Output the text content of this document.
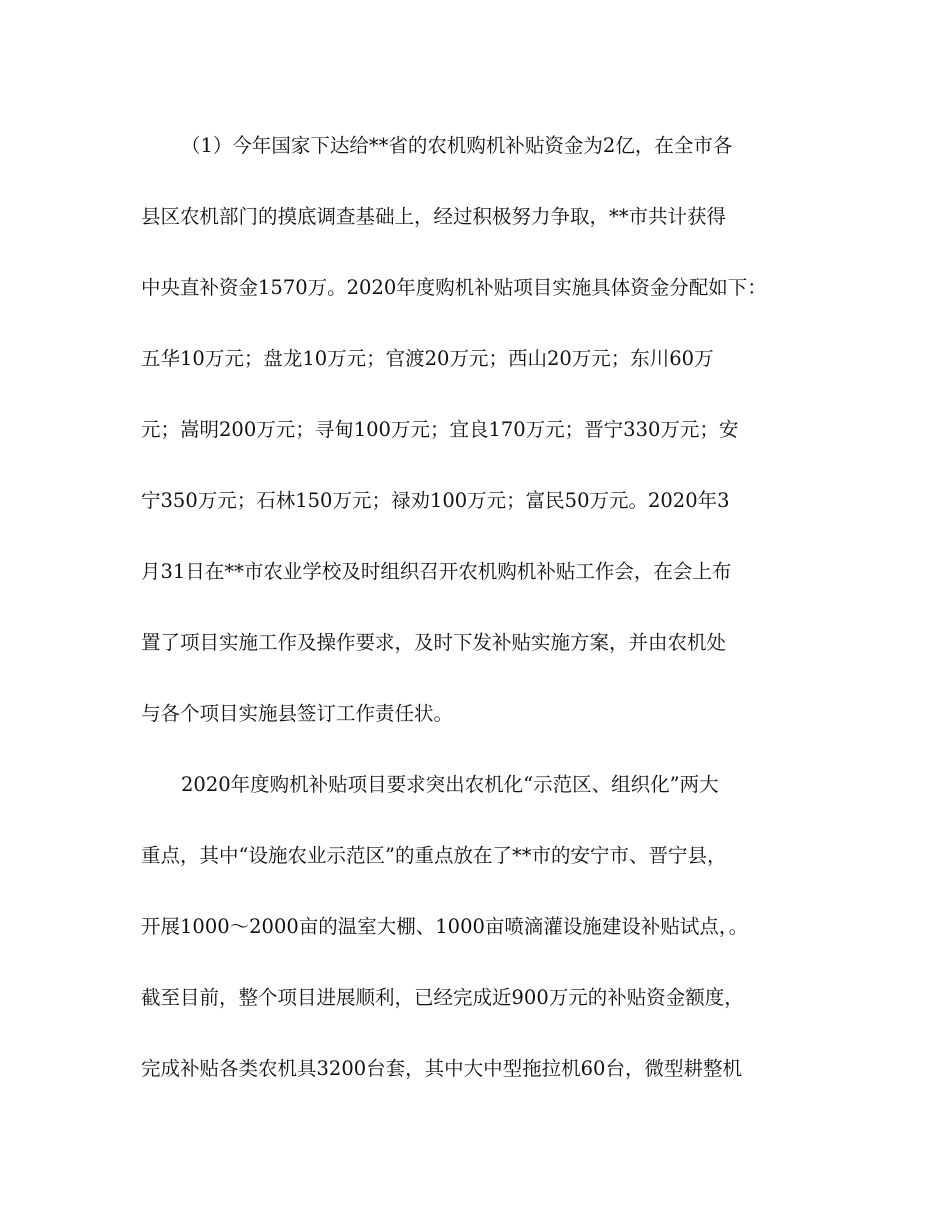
（1）今年国家下达给**省的农机购机补贴资金为2亿，在全市各
县区农机部门的摸底调查基础上，经过积极努力争取，**市共计获得
中央直补资金1570万。2020年度购机补贴项目实施具体资金分配如下：
五华10万元；盘龙10万元；官渡20万元；西山20万元；东川60万
元；嵩明200万元；寻甸100万元；宜良170万元；晋宁330万元；安
宁350万元；石林150万元；禄劝100万元；富民50万元。2020年3
月31日在**市农业学校及时组织召开农机购机补贴工作会，在会上布
置了项目实施工作及操作要求，及时下发补贴实施方案，并由农机处
与各个项目实施县签订工作责任状。
2020年度购机补贴项目要求突出农机化“示范区、组织化”两大
重点，其中“设施农业示范区”的重点放在了**市的安宁市、晋宁县，
开展1000～2000亩的温室大棚、1000亩喷滴灌设施建设补贴试点，。
截至目前，整个项目进展顺利，已经完成近900万元的补贴资金额度，
完成补贴各类农机具3200台套，其中大中型拖拉机60台，微型耕整机
